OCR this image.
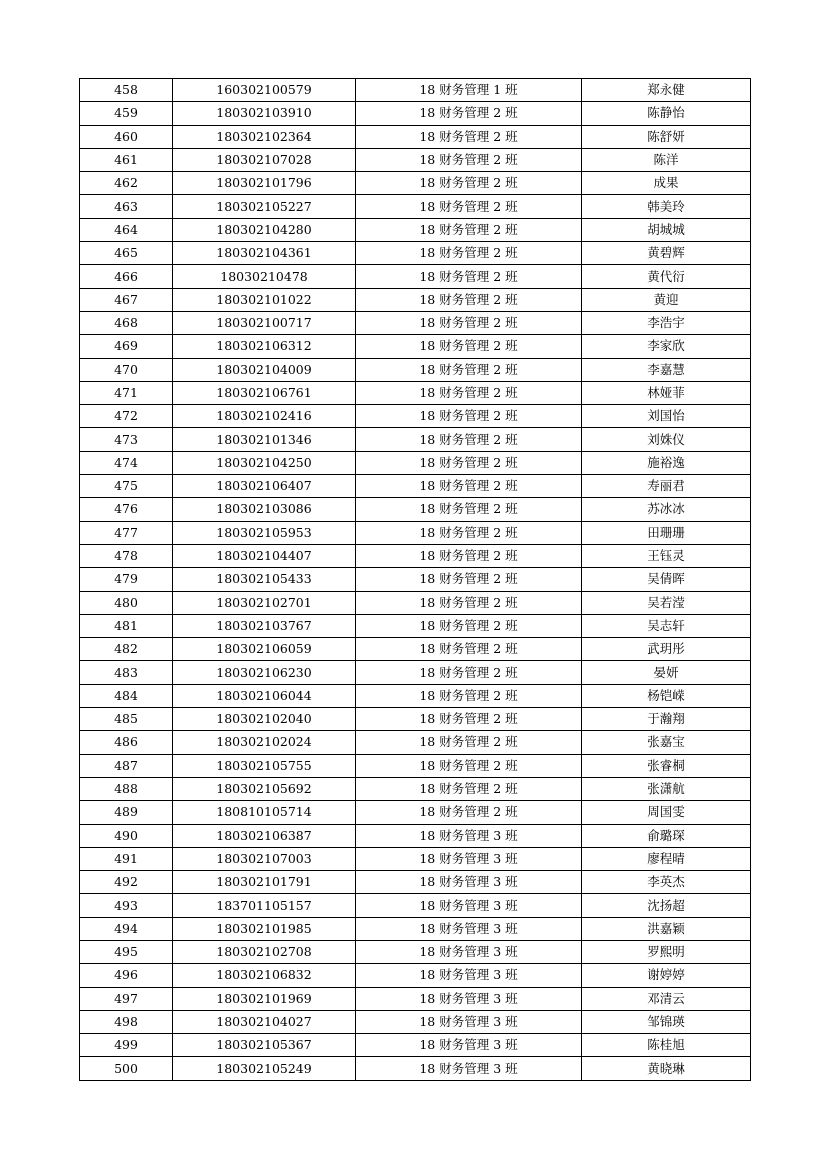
458	160302100579	18 财务管理 1 班	郑永健
459	180302103910	18 财务管理 2 班	陈静怡
460	180302102364	18 财务管理 2 班	陈舒妍
461	180302107028	18 财务管理 2 班	陈洋
462	180302101796	18 财务管理 2 班	成果
463	180302105227	18 财务管理 2 班	韩美玲
464	180302104280	18 财务管理 2 班	胡城城
465	180302104361	18 财务管理 2 班	黄碧辉
466	18030210478	18 财务管理 2 班	黄代衍
467	180302101022	18 财务管理 2 班	黄迎
468	180302100717	18 财务管理 2 班	李浩宇
469	180302106312	18 财务管理 2 班	李家欣
470	180302104009	18 财务管理 2 班	李嘉慧
471	180302106761	18 财务管理 2 班	林娅菲
472	180302102416	18 财务管理 2 班	刘国怡
473	180302101346	18 财务管理 2 班	刘姝仪
474	180302104250	18 财务管理 2 班	施裕逸
475	180302106407	18 财务管理 2 班	寿丽君
476	180302103086	18 财务管理 2 班	苏冰冰
477	180302105953	18 财务管理 2 班	田珊珊
478	180302104407	18 财务管理 2 班	王钰灵
479	180302105433	18 财务管理 2 班	吴倩晖
480	180302102701	18 财务管理 2 班	吴若滢
481	180302103767	18 财务管理 2 班	吴志轩
482	180302106059	18 财务管理 2 班	武玥彤
483	180302106230	18 财务管理 2 班	晏妍
484	180302106044	18 财务管理 2 班	杨铠嵘
485	180302102040	18 财务管理 2 班	于瀚翔
486	180302102024	18 财务管理 2 班	张嘉宝
487	180302105755	18 财务管理 2 班	张睿桐
488	180302105692	18 财务管理 2 班	张潇航
489	180810105714	18 财务管理 2 班	周国雯
490	180302106387	18 财务管理 3 班	俞璐琛
491	180302107003	18 财务管理 3 班	廖程晴
492	180302101791	18 财务管理 3 班	李英杰
493	183701105157	18 财务管理 3 班	沈扬超
494	180302101985	18 财务管理 3 班	洪嘉颖
495	180302102708	18 财务管理 3 班	罗熙明
496	180302106832	18 财务管理 3 班	谢婷婷
497	180302101969	18 财务管理 3 班	邓清云
498	180302104027	18 财务管理 3 班	邹锦瑛
499	180302105367	18 财务管理 3 班	陈桂旭
500	180302105249	18 财务管理 3 班	黄晓琳
